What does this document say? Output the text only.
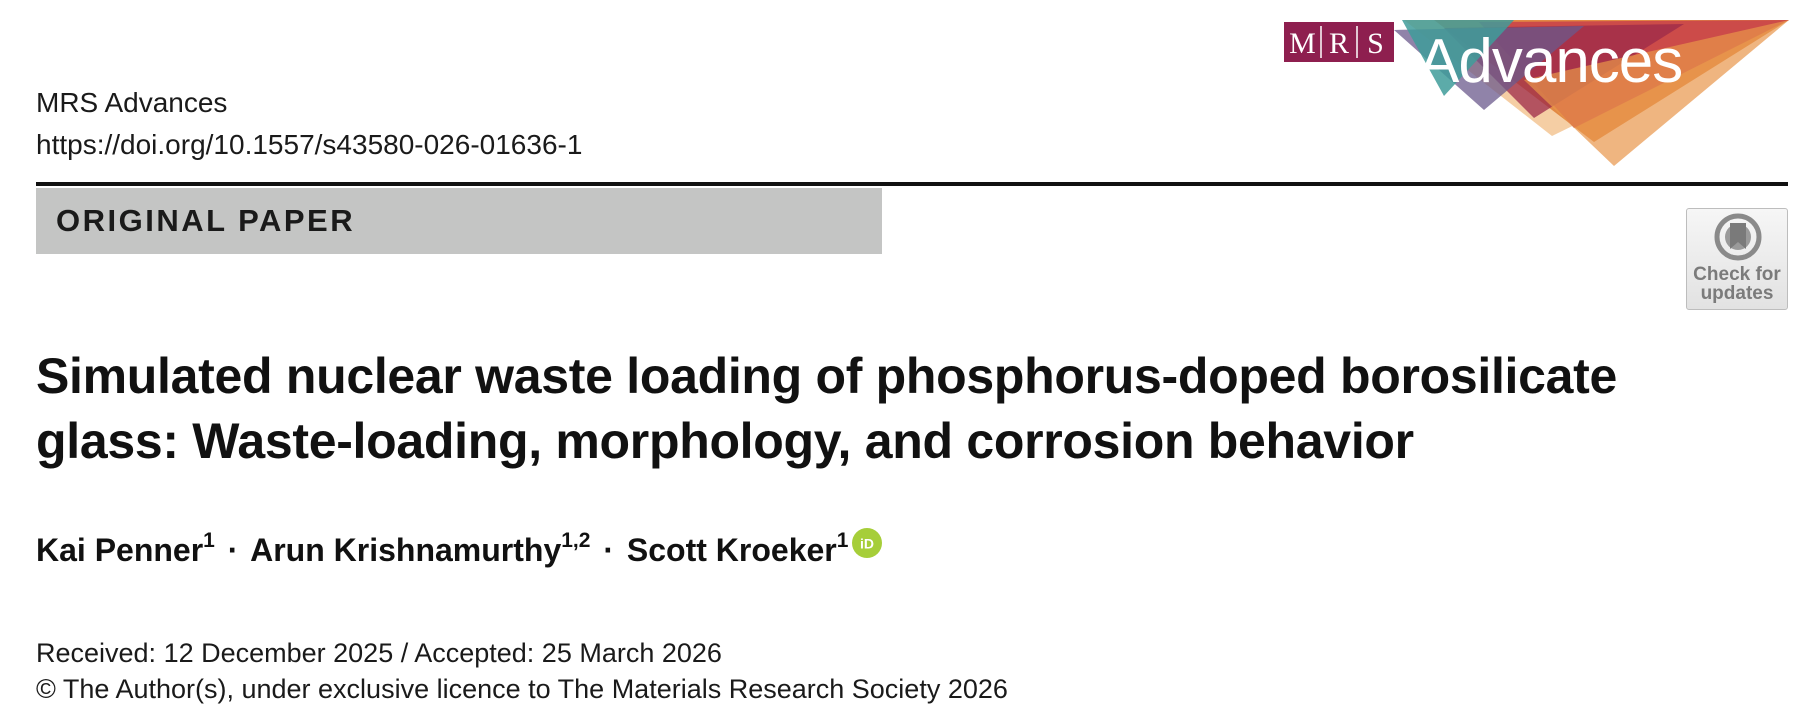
MRS Advances
https://doi.org/10.1557/s43580-026-01636-1
M R S Advances
ORIGINAL PAPER
Check for
updates
Simulated nuclear waste loading of phosphorus-doped borosilicate
glass: Waste-loading, morphology, and corrosion behavior
Kai Penner$^1$ · Arun Krishnamurthy$^{1,2}$ · Scott Kroeker$^1$ iD
Received: 12 December 2025 / Accepted: 25 March 2026
© The Author(s), under exclusive licence to The Materials Research Society 2026
